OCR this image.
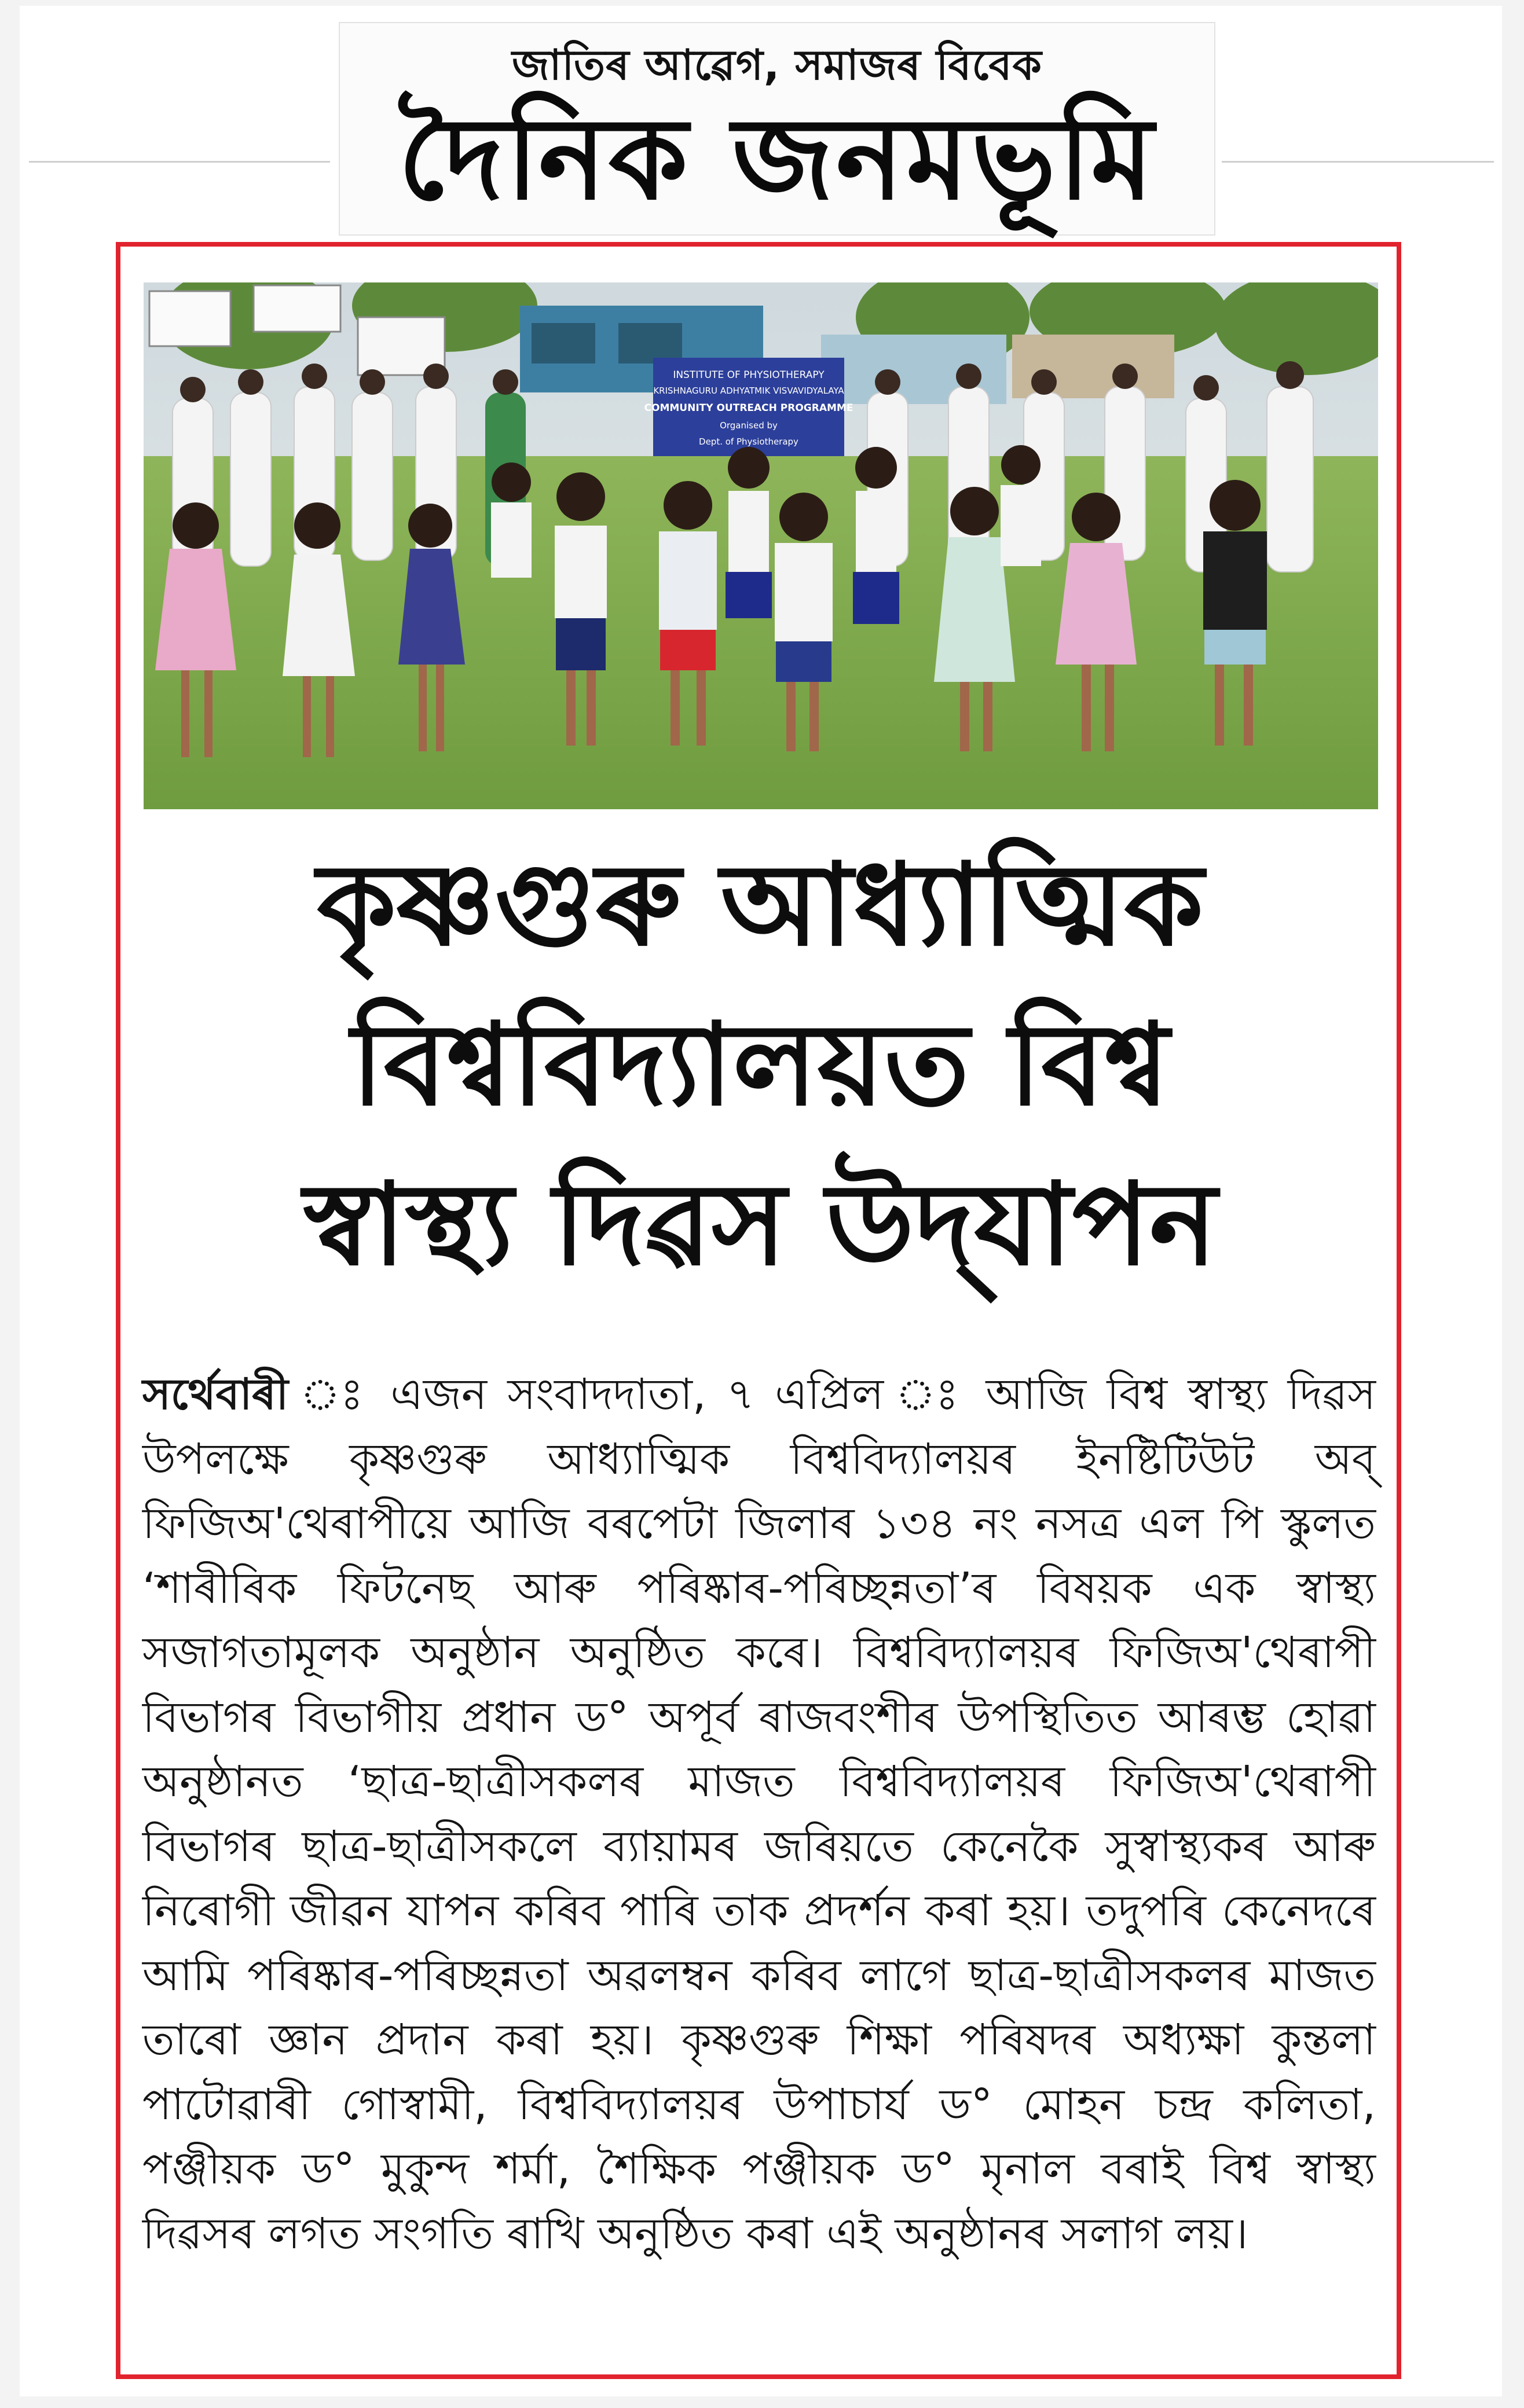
জাতিৰ আৱেগ, সমাজৰ বিবেক
দৈনিক জনমভূমি
INSTITUTE OF PHYSIOTHERAPY
KRISHNAGURU ADHYATMIK VISVAVIDYALAYA
COMMUNITY OUTREACH PROGRAMME
Organised by
Dept. of Physiotherapy
কৃষ্ণগুৰু আধ্যাত্মিক
বিশ্ববিদ্যালয়ত বিশ্ব
স্বাস্থ্য দিৱস উদ্‌যাপন
সৰ্থেবাৰী ঃ এজন সংবাদদাতা, ৭ এপ্ৰিল ঃ আজি বিশ্ব স্বাস্থ্য দিৱস উপলক্ষে কৃষ্ণগুৰু আধ্যাত্মিক বিশ্ববিদ্যালয়ৰ ইনষ্টিটিউট অব্‌ ফিজিঅ'থেৰাপীয়ে আজি বৰপেটা জিলাৰ ১৩৪ নং নসত্ৰ এল পি স্কুলত ‘শাৰীৰিক ফিটনেছ আৰু পৰিষ্কাৰ-পৰিচ্ছন্নতা’ৰ বিষয়ক এক স্বাস্থ্য সজাগতামূলক অনুষ্ঠান অনুষ্ঠিত কৰে। বিশ্ববিদ্যালয়ৰ ফিজিঅ'থেৰাপী বিভাগৰ বিভাগীয় প্ৰধান ড° অপূৰ্ব ৰাজবংশীৰ উপস্থিতিত আৰম্ভ হোৱা অনুষ্ঠানত ‘ছাত্ৰ-ছাত্ৰীসকলৰ মাজত বিশ্ববিদ্যালয়ৰ ফিজিঅ'থেৰাপী বিভাগৰ ছাত্ৰ-ছাত্ৰীসকলে ব্যায়ামৰ জৰিয়তে কেনেকৈ সুস্বাস্থ্যকৰ আৰু নিৰোগী জীৱন যাপন কৰিব পাৰি তাক প্ৰদৰ্শন কৰা হয়। তদুপৰি কেনেদৰে আমি পৰিষ্কাৰ-পৰিচ্ছন্নতা অৱলম্বন কৰিব লাগে ছাত্ৰ-ছাত্ৰীসকলৰ মাজত তাৰো জ্ঞান প্ৰদান কৰা হয়। কৃষ্ণগুৰু শিক্ষা পৰিষদৰ অধ্যক্ষা কুন্তলা পাটোৱাৰী গোস্বামী, বিশ্ববিদ্যালয়ৰ উপাচাৰ্য ড° মোহন চন্দ্ৰ কলিতা, পঞ্জীয়ক ড° মুকুন্দ শৰ্মা, শৈক্ষিক পঞ্জীয়ক ড° মৃনাল বৰাই বিশ্ব স্বাস্থ্য দিৱসৰ লগত সংগতি ৰাখি অনুষ্ঠিত কৰা এই অনুষ্ঠানৰ সলাগ লয়।
